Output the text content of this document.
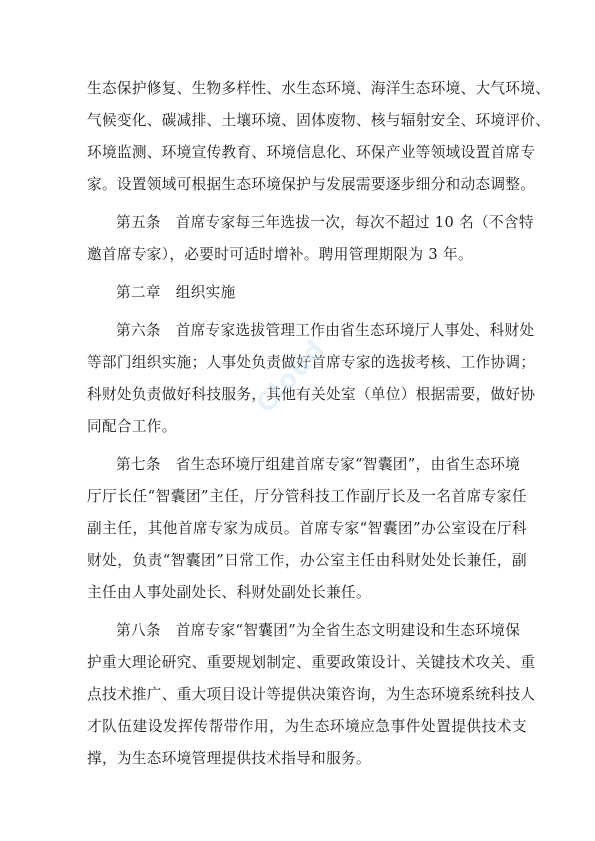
生态保护修复、生物多样性、水生态环境、海洋生态环境、大气环境、
气候变化、碳减排、土壤环境、固体废物、核与辐射安全、环境评价、
环境监测、环境宣传教育、环境信息化、环保产业等领域设置首席专
家。设置领域可根据生态环境保护与发展需要逐步细分和动态调整。
第五条　首席专家每三年选拔一次，每次不超过 10 名（不含特
邀首席专家），必要时可适时增补。聘用管理期限为 3 年。
第二章　组织实施
第六条　首席专家选拔管理工作由省生态环境厅人事处、科财处
等部门组织实施；人事处负责做好首席专家的选拔考核、工作协调；
科财处负责做好科技服务，其他有关处室（单位）根据需要，做好协
同配合工作。
第七条　省生态环境厅组建首席专家“智囊团”，由省生态环境
厅厅长任“智囊团”主任，厅分管科技工作副厅长及一名首席专家任
副主任，其他首席专家为成员。首席专家“智囊团”办公室设在厅科
财处，负责“智囊团”日常工作，办公室主任由科财处处长兼任，副
主任由人事处副处长、科财处副处长兼任。
第八条　首席专家“智囊团”为全省生态文明建设和生态环境保
护重大理论研究、重要规划制定、重要政策设计、关键技术攻关、重
点技术推广、重大项目设计等提供决策咨询，为生态环境系统科技人
才队伍建设发挥传帮带作用，为生态环境应急事件处置提供技术支
撑，为生态环境管理提供技术指导和服务。
Cloud
